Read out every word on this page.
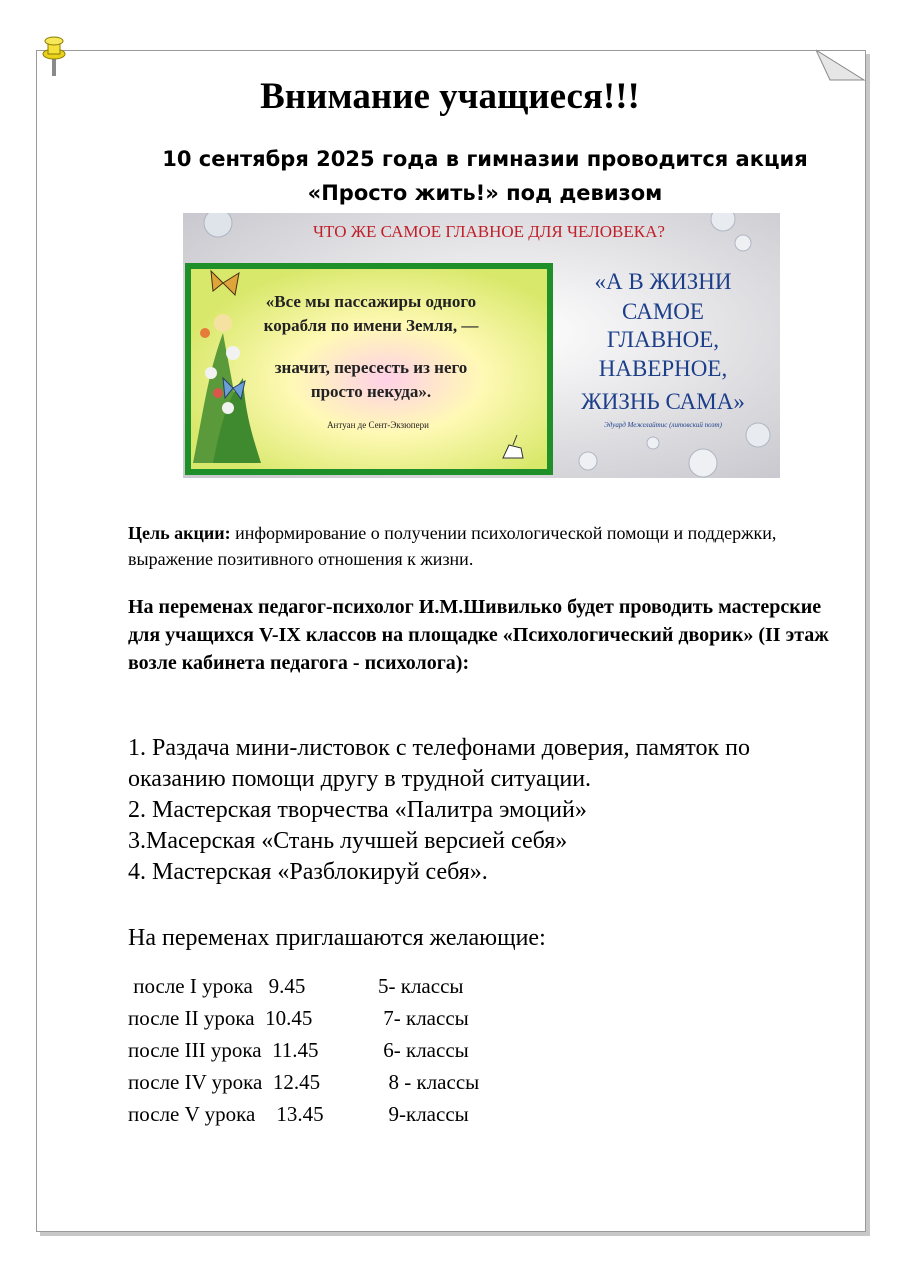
Внимание учащиеся!!!
10 сентября 2025 года в гимназии проводится акция
«Просто жить!» под девизом
ЧТО ЖЕ САМОЕ ГЛАВНОЕ ДЛЯ ЧЕЛОВЕКА?
«Все мы пассажиры одного
корабля по имени Земля, —
значит, пересесть из него
просто некуда».
Антуан де Сент-Экзюпери
«А В ЖИЗНИ
САМОЕ
ГЛАВНОЕ,
НАВЕРНОЕ,
ЖИЗНЬ САМА»
Эдуард Межелайтис (литовский поэт)
Цель акции: информирование о получении психологической помощи и поддержки, выражение позитивного отношения к жизни.
На переменах педагог-психолог И.М.Шивилько будет проводить мастерские для учащихся V-IX классов на площадке «Психологический дворик» (II этаж возле кабинета педагога - психолога):
1. Раздача мини-листовок с телефонами доверия, памяток по оказанию помощи другу в трудной ситуации.
2. Мастерская творчества «Палитра эмоций»
3.Масерская «Стань лучшей версией себя»
4. Мастерская «Разблокируй себя».
На переменах приглашаются желающие:
после I урока   9.45	5- классы
после II урока  10.45	7- классы
после III урока  11.45	6- классы
после IV урока  12.45	8 - классы
после V урока    13.45	9-классы
